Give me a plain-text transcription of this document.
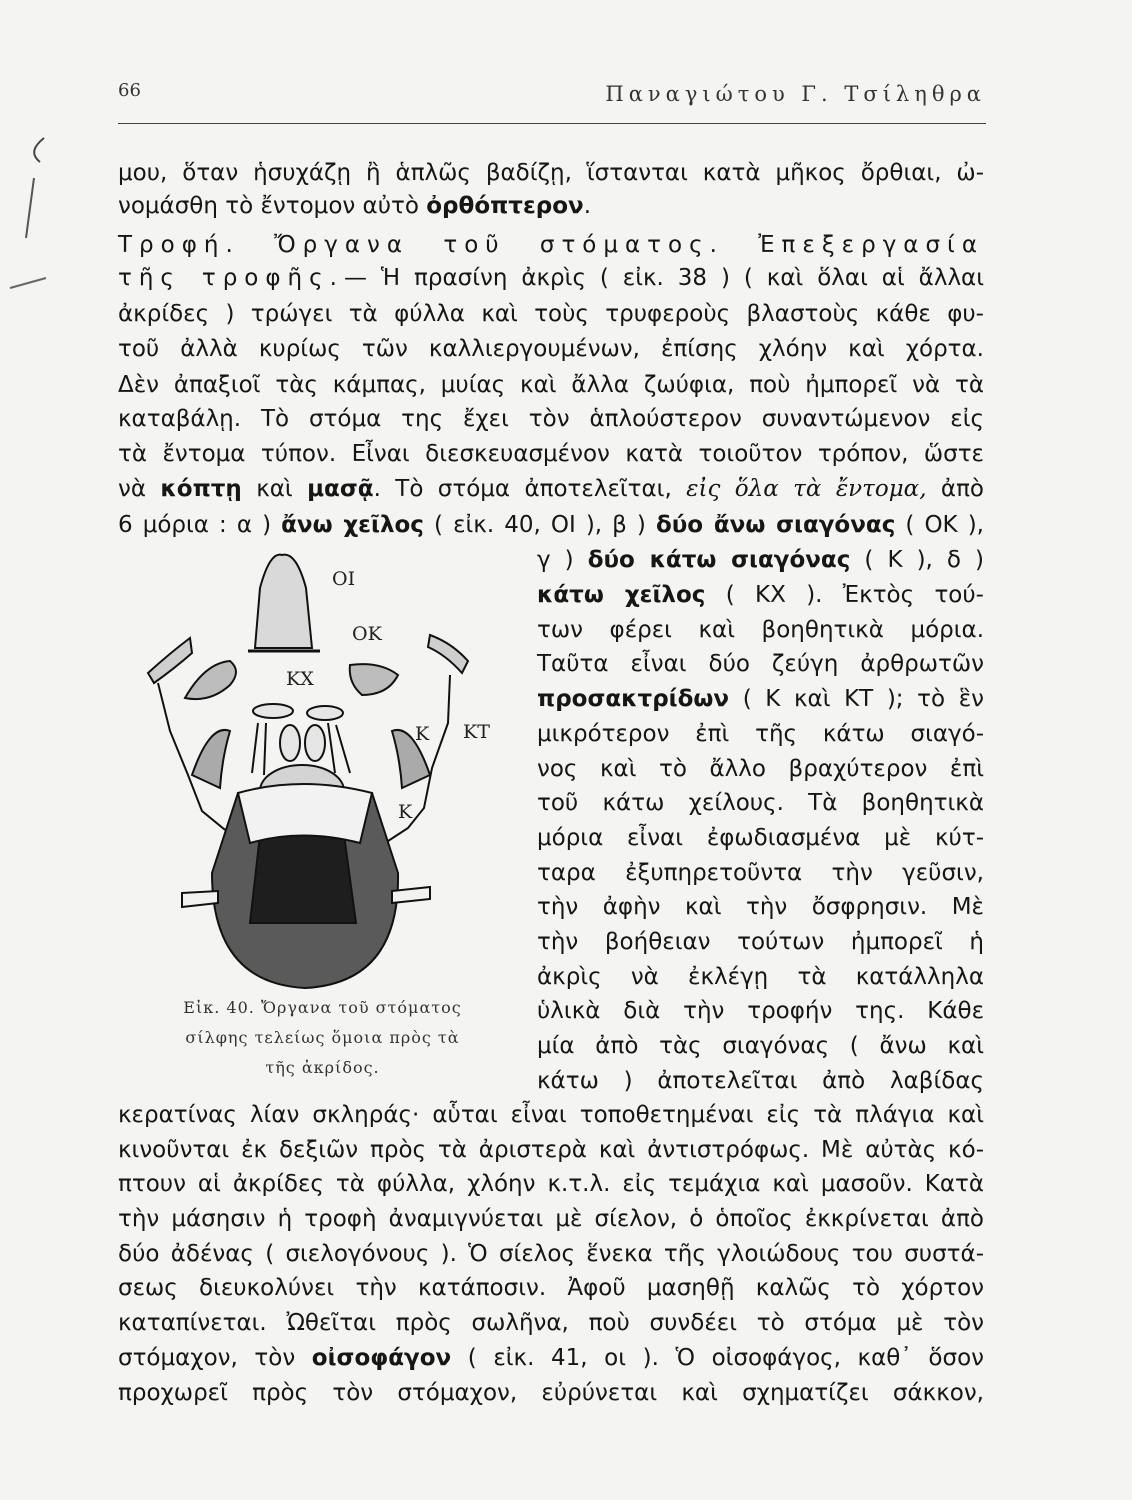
66	Παναγιώτου Γ. Τσίληθρα
μου, ὅταν ἡσυχάζῃ ἢ ἁπλῶς βαδίζῃ, ἵστανται κατὰ μῆκος ὄρθιαι, ὠ-
νομάσθη τὸ ἔντομον αὐτὸ ὀρθόπτερον.
Τροφή. Ὄργανα τοῦ στόματος. Ἐπεξεργασία
τῆς τροφῆς.— Ἡ πρασίνη ἀκρὶς ( εἰκ. 38 ) ( καὶ ὅλαι αἱ ἄλλαι
ἀκρίδες ) τρώγει τὰ φύλλα καὶ τοὺς τρυφεροὺς βλαστοὺς κάθε φυ-
τοῦ ἀλλὰ κυρίως τῶν καλλιεργουμένων, ἐπίσης χλόην καὶ χόρτα.
Δὲν ἀπαξιοῖ τὰς κάμπας, μυίας καὶ ἄλλα ζωύφια, ποὺ ἠμπορεῖ νὰ τὰ
καταβάλῃ. Τὸ στόμα της ἔχει τὸν ἁπλούστερον συναντώμενον εἰς
τὰ ἔντομα τύπον. Εἶναι διεσκευασμένον κατὰ τοιοῦτον τρόπον, ὥστε
νὰ κόπτῃ καὶ μασᾷ. Τὸ στόμα ἀποτελεῖται, εἰς ὅλα τὰ ἔντομα, ἀπὸ
6 μόρια : α ) ἄνω χεῖλος ( εἰκ. 40, ΟΙ ), β ) δύο ἄνω σιαγόνας ( ΟΚ ),
γ ) δύο κάτω σιαγόνας ( Κ ), δ )
κάτω χεῖλος ( ΚΧ ). Ἐκτὸς τού-
των φέρει καὶ βοηθητικὰ μόρια.
Ταῦτα εἶναι δύο ζεύγη ἀρθρωτῶν
προσακτρίδων ( Κ καὶ ΚΤ ); τὸ ἓν
μικρότερον ἐπὶ τῆς κάτω σιαγό-
νος καὶ τὸ ἄλλο βραχύτερον ἐπὶ
τοῦ κάτω χείλους. Τὰ βοηθητικὰ
μόρια εἶναι ἐφωδιασμένα μὲ κύτ-
ταρα ἐξυπηρετοῦντα τὴν γεῦσιν,
τὴν ἀφὴν καὶ τὴν ὄσφρησιν. Μὲ
τὴν βοήθειαν τούτων ἠμπορεῖ ἡ
ἀκρὶς νὰ ἐκλέγῃ τὰ κατάλληλα
ὑλικὰ διὰ τὴν τροφήν της. Κάθε
μία ἀπὸ τὰς σιαγόνας ( ἄνω καὶ
κάτω ) ἀποτελεῖται ἀπὸ λαβίδας
κερατίνας λίαν σκληράς· αὗται εἶναι τοποθετημέναι εἰς τὰ πλάγια καὶ
κινοῦνται ἐκ δεξιῶν πρὸς τὰ ἀριστερὰ καὶ ἀντιστρόφως. Μὲ αὐτὰς κό-
πτουν αἱ ἀκρίδες τὰ φύλλα, χλόην κ.τ.λ. εἰς τεμάχια καὶ μασοῦν. Κατὰ
τὴν μάσησιν ἡ τροφὴ ἀναμιγνύεται μὲ σίελον, ὁ ὁποῖος ἐκκρίνεται ἀπὸ
δύο ἀδένας ( σιελογόνους ). Ὁ σίελος ἕνεκα τῆς γλοιώδους του συστά-
σεως διευκολύνει τὴν κατάποσιν. Ἀφοῦ μασηθῇ καλῶς τὸ χόρτον
καταπίνεται. Ὠθεῖται πρὸς σωλῆνα, ποὺ συνδέει τὸ στόμα μὲ τὸν
στόμαχον, τὸν οἰσοφάγον ( εἰκ. 41, οι ). Ὁ οἰσοφάγος, καθ᾽ ὅσον
προχωρεῖ πρὸς τὸν στόμαχον, εὐρύνεται καὶ σχηματίζει σάκκον,
ΟΙ
ΟΚ
ΚΧ
Κ ΚΤ
Κ
Εἰκ. 40. Ὄργανα τοῦ στόματος
σίλφης τελείως ὅμοια πρὸς τὰ
τῆς ἀκρίδος.
